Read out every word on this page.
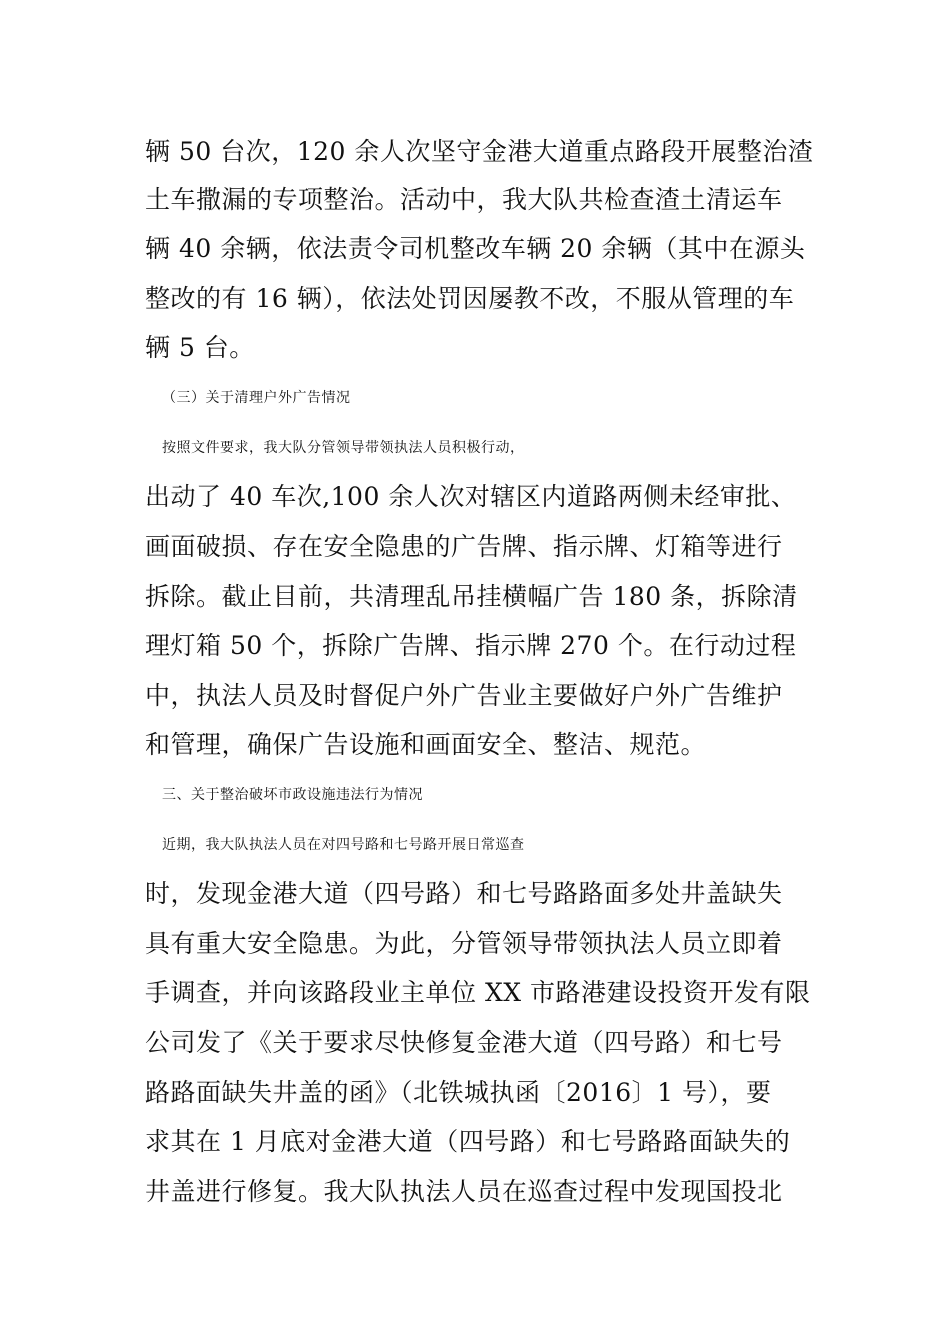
辆 50 台次，120 余人次坚守金港大道重点路段开展整治渣
土车撒漏的专项整治。活动中，我大队共检查渣土清运车
辆 40 余辆，依法责令司机整改车辆 20 余辆（其中在源头
整改的有 16 辆），依法处罚因屡教不改，不服从管理的车
辆 5 台。
（三）关于清理户外广告情况
按照文件要求，我大队分管领导带领执法人员积极行动，
出动了 40 车次,100 余人次对辖区内道路两侧未经审批、
画面破损、存在安全隐患的广告牌、指示牌、灯箱等进行
拆除。截止目前，共清理乱吊挂横幅广告 180 条，拆除清
理灯箱 50 个，拆除广告牌、指示牌 270 个。在行动过程
中，执法人员及时督促户外广告业主要做好户外广告维护
和管理，确保广告设施和画面安全、整洁、规范。
三、关于整治破坏市政设施违法行为情况
近期，我大队执法人员在对四号路和七号路开展日常巡查
时，发现金港大道（四号路）和七号路路面多处井盖缺失
具有重大安全隐患。为此，分管领导带领执法人员立即着
手调查，并向该路段业主单位 XX 市路港建设投资开发有限
公司发了《关于要求尽快修复金港大道（四号路）和七号
路路面缺失井盖的函》（北铁城执函〔2016〕1 号），要
求其在 1 月底对金港大道（四号路）和七号路路面缺失的
井盖进行修复。我大队执法人员在巡查过程中发现国投北
